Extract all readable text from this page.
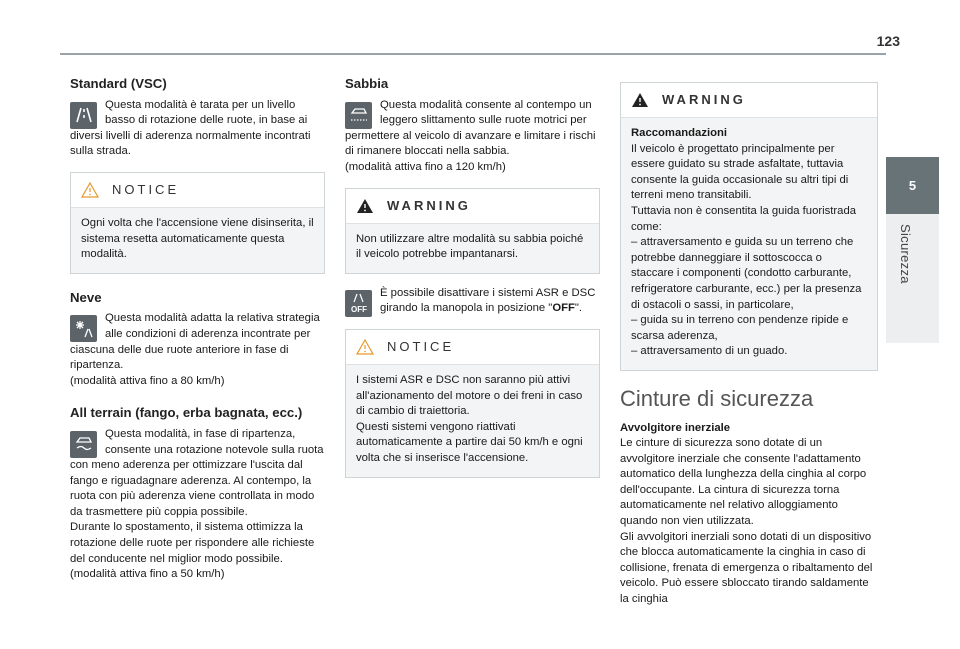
123
5
Sicurezza
Standard (VSC)

Questa modalità è tarata per un livello basso di rotazione delle ruote, in base ai diversi livelli di aderenza normalmente incontrati sulla strada.

NOTICE

Ogni volta che l'accensione viene disinserita, il sistema resetta automaticamente questa modalità.

Neve

Questa modalità adatta la relativa strategia alle condizioni di aderenza incontrate per ciascuna delle due ruote anteriore in fase di ripartenza.

(modalità attiva fino a 80 km/h)

All terrain (fango, erba bagnata, ecc.)

Questa modalità, in fase di ripartenza, consente una rotazione notevole sulla ruota con meno aderenza per ottimizzare l'uscita dal fango e riguadagnare aderenza. Al contempo, la ruota con più aderenza viene controllata in modo da trasmettere più coppia possibile.

Durante lo spostamento, il sistema ottimizza la rotazione delle ruote per rispondere alle richieste del conducente nel miglior modo possibile.

(modalità attiva fino a 50 km/h)

Sabbia

Questa modalità consente al contempo un leggero slittamento sulle ruote motrici per permettere al veicolo di avanzare e limitare i rischi di rimanere bloccati nella sabbia.

(modalità attiva fino a 120 km/h)

WARNING

Non utilizzare altre modalità su sabbia poiché il veicolo potrebbe impantanarsi.

OFF

È possibile disattivare i sistemi ASR e DSC girando la manopola in posizione "OFF".

NOTICE

I sistemi ASR e DSC non saranno più attivi all'azionamento del motore o dei freni in caso di cambio di traiettoria.

Questi sistemi vengono riattivati automaticamente a partire dai 50 km/h e ogni volta che si inserisce l'accensione.

WARNING

Raccomandazioni

Il veicolo è progettato principalmente per essere guidato su strade asfaltate, tuttavia consente la guida occasionale su altri tipi di terreni meno transitabili.

Tuttavia non è consentita la guida fuoristrada come:

– attraversamento e guida su un terreno che potrebbe danneggiare il sottoscocca o staccare i componenti (condotto carburante, refrigeratore carburante, ecc.) per la presenza di ostacoli o sassi, in particolare,

– guida su in terreno con pendenze ripide e scarsa aderenza,

– attraversamento di un guado.

Cinture di sicurezza

Avvolgitore inerziale

Le cinture di sicurezza sono dotate di un avvolgitore inerziale che consente l'adattamento automatico della lunghezza della cinghia al corpo dell'occupante. La cintura di sicurezza torna automaticamente nel relativo alloggiamento quando non vien utilizzata.

Gli avvolgitori inerziali sono dotati di un dispositivo che blocca automaticamente la cinghia in caso di collisione, frenata di emergenza o ribaltamento del veicolo. Può essere sbloccato tirando saldamente la cinghia
